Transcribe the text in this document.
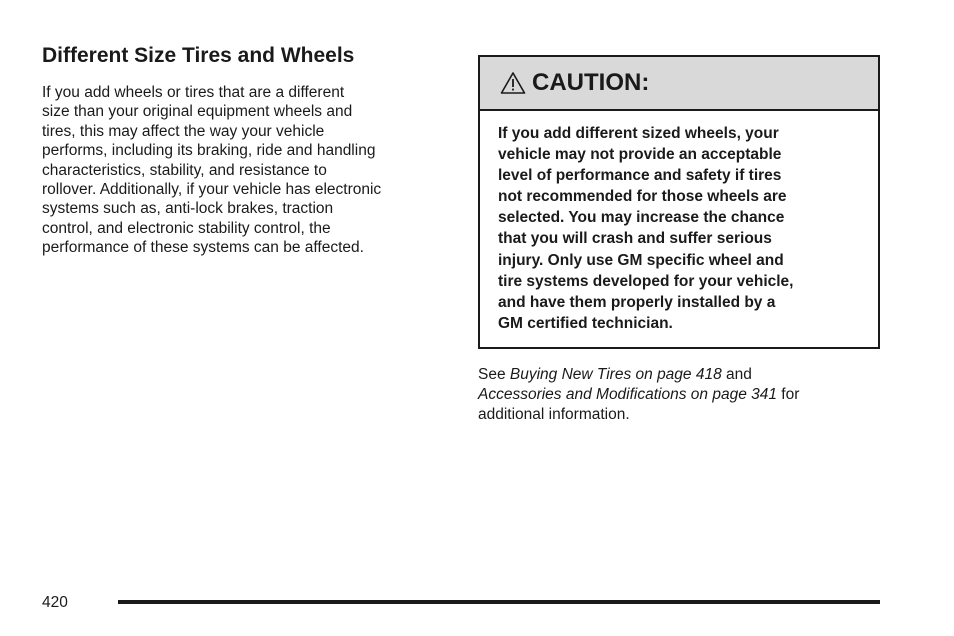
Different Size Tires and Wheels
If you add wheels or tires that are a different
size than your original equipment wheels and
tires, this may affect the way your vehicle
performs, including its braking, ride and handling
characteristics, stability, and resistance to
rollover. Additionally, if your vehicle has electronic
systems such as, anti-lock brakes, traction
control, and electronic stability control, the
performance of these systems can be affected.
CAUTION:
If you add different sized wheels, your
vehicle may not provide an acceptable
level of performance and safety if tires
not recommended for those wheels are
selected. You may increase the chance
that you will crash and suffer serious
injury. Only use GM specific wheel and
tire systems developed for your vehicle,
and have them properly installed by a
GM certified technician.
See Buying New Tires on page 418 and
Accessories and Modifications on page 341 for
additional information.
420
